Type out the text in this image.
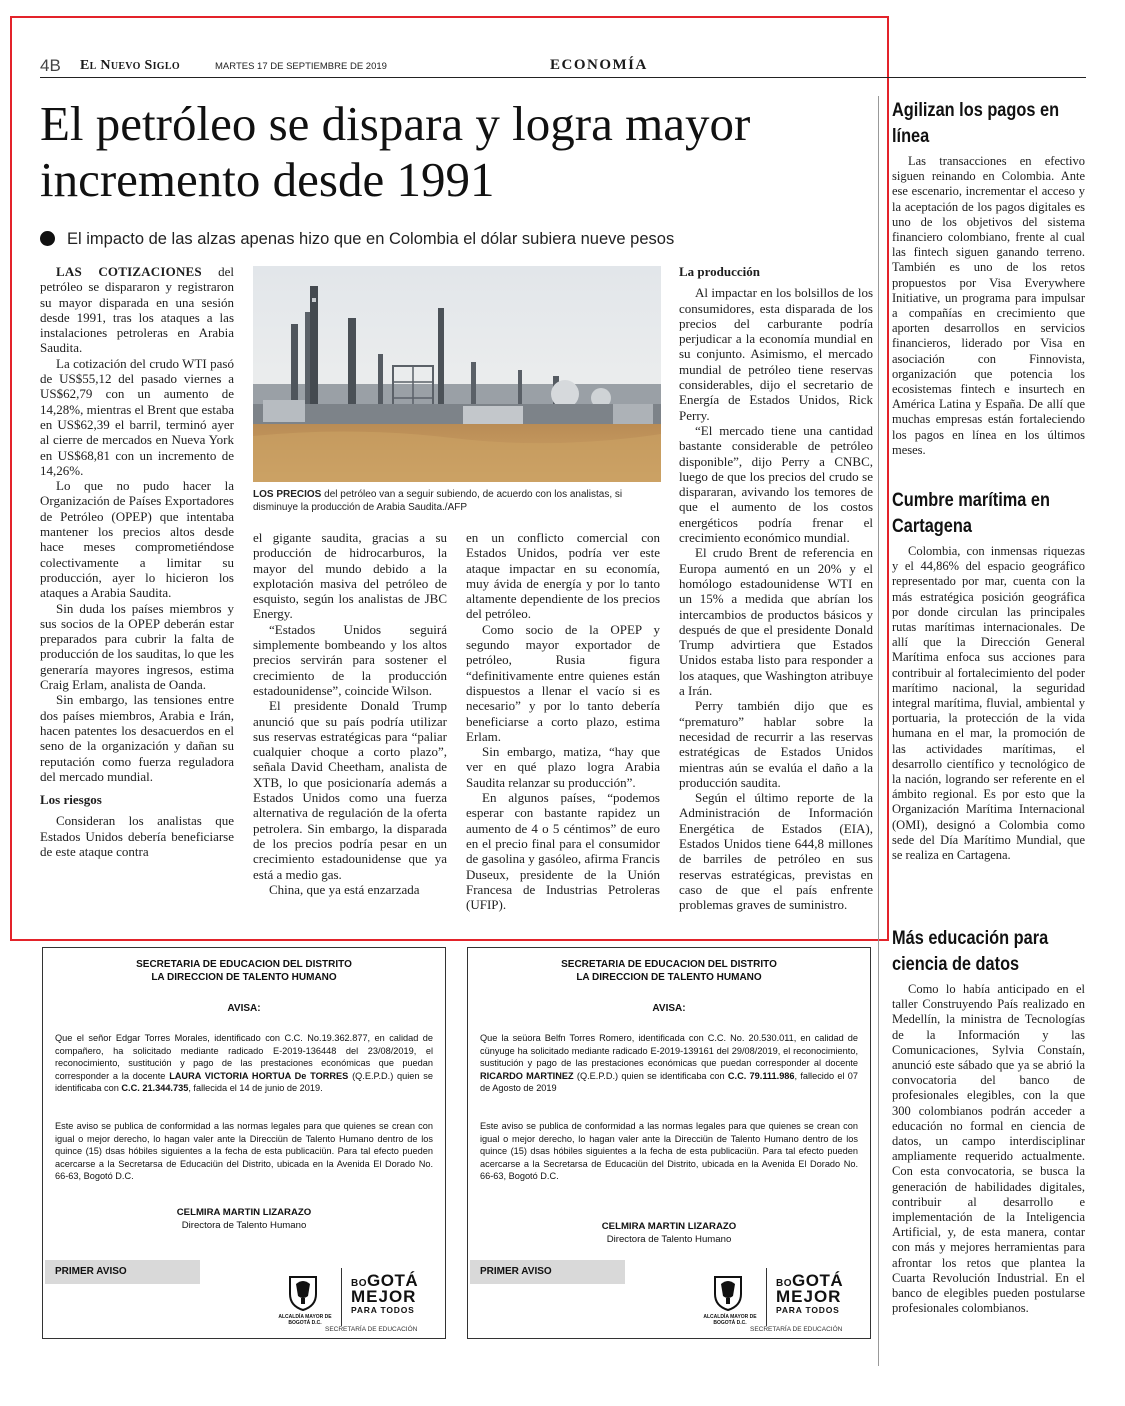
4B El Nuevo Siglo	MARTES 17 DE SEPTIEMBRE DE 2019	ECONOMÍA
El petróleo se dispara y logra mayor incremento desde 1991
El impacto de las alzas apenas hizo que en Colombia el dólar subiera nueve pesos

LAS COTIZACIONES del petróleo se dispararon y registraron su mayor disparada en una sesión desde 1991, tras los ataques a las instalaciones petroleras en Arabia Saudita.

La cotización del crudo WTI pasó de US$55,12 del pasado viernes a US$62,79 con un aumento de 14,28%, mientras el Brent que estaba en US$62,39 el barril, terminó ayer al cierre de mercados en Nueva York en US$68,81 con un incremento de 14,26%.

Lo que no pudo hacer la Organización de Países Exportadores de Petróleo (OPEP) que intentaba mantener los precios altos desde hace meses comprometiéndose colectivamente a limitar su producción, ayer lo hicieron los ataques a Arabia Saudita.

Sin duda los países miembros y sus socios de la OPEP deberán estar preparados para cubrir la falta de producción de los sauditas, lo que les generaría mayores ingresos, estima Craig Erlam, analista de Oanda.

Sin embargo, las tensiones entre dos países miembros, Arabia e Irán, hacen patentes los desacuerdos en el seno de la organización y dañan su reputación como fuerza reguladora del mercado mundial.

Los riesgos

Consideran los analistas que Estados Unidos debería beneficiarse de este ataque contra

LOS PRECIOS del petróleo van a seguir subiendo, de acuerdo con los analistas, si disminuye la producción de Arabia Saudita./AFP

el gigante saudita, gracias a su producción de hidrocarburos, la mayor del mundo debido a la explotación masiva del petróleo de esquisto, según los analistas de JBC Energy.

“Estados Unidos seguirá simplemente bombeando y los altos precios servirán para sostener el crecimiento de la producción estadounidense”, coincide Wilson.

El presidente Donald Trump anunció que su país podría utilizar sus reservas estratégicas para “paliar cualquier choque a corto plazo”, señala David Cheetham, analista de XTB, lo que posicionaría además a Estados Unidos como una fuerza alternativa de regulación de la oferta petrolera. Sin embargo, la disparada de los precios podría pesar en un crecimiento estadounidense que ya está a medio gas.

China, que ya está enzarzada

en un conflicto comercial con Estados Unidos, podría ver este ataque impactar en su economía, muy ávida de energía y por lo tanto altamente dependiente de los precios del petróleo.

Como socio de la OPEP y segundo mayor exportador de petróleo, Rusia figura “definitivamente entre quienes están dispuestos a llenar el vacío si es necesario” y por lo tanto debería beneficiarse a corto plazo, estima Erlam.

Sin embargo, matiza, “hay que ver en qué plazo logra Arabia Saudita relanzar su producción”.

En algunos países, “podemos esperar con bastante rapidez un aumento de 4 o 5 céntimos” de euro en el precio final para el consumidor de gasolina y gasóleo, afirma Francis Duseux, presidente de la Unión Francesa de Industrias Petroleras (UFIP).

La producción

Al impactar en los bolsillos de los consumidores, esta disparada de los precios del carburante podría perjudicar a la economía mundial en su conjunto. Asimismo, el mercado mundial de petróleo tiene reservas considerables, dijo el secretario de Energía de Estados Unidos, Rick Perry.

“El mercado tiene una cantidad bastante considerable de petróleo disponible”, dijo Perry a CNBC, luego de que los precios del crudo se dispararan, avivando los temores de que el aumento de los costos energéticos podría frenar el crecimiento económico mundial.

El crudo Brent de referencia en Europa aumentó en un 20% y el homólogo estadounidense WTI en un 15% a medida que abrían los intercambios de productos básicos y después de que el presidente Donald Trump advirtiera que Estados Unidos estaba listo para responder a los ataques, que Washington atribuye a Irán.

Perry también dijo que es “prematuro” hablar sobre la necesidad de recurrir a las reservas estratégicas de Estados Unidos mientras aún se evalúa el daño a la producción saudita.

Según el último reporte de la Administración de Información Energética de Estados (EIA), Estados Unidos tiene 644,8 millones de barriles de petróleo en sus reservas estratégicas, previstas en caso de que el país enfrente problemas graves de suministro.

Agilizan los pagos en línea

Las transacciones en efectivo siguen reinando en Colombia. Ante ese escenario, incrementar el acceso y la aceptación de los pagos digitales es uno de los objetivos del sistema financiero colombiano, frente al cual las fintech siguen ganando terreno. También es uno de los retos propuestos por Visa Everywhere Initiative, un programa para impulsar a compañías en crecimiento que aporten desarrollos en servicios financieros, liderado por Visa en asociación con Finnovista, organización que potencia los ecosistemas fintech e insurtech en América Latina y España. De allí que muchas empresas están fortaleciendo los pagos en línea en los últimos meses.

Cumbre marítima en Cartagena

Colombia, con inmensas riquezas y el 44,86% del espacio geográfico representado por mar, cuenta con la más estratégica posición geográfica por donde circulan las principales rutas marítimas internacionales. De allí que la Dirección General Marítima enfoca sus acciones para contribuir al fortalecimiento del poder marítimo nacional, la seguridad integral marítima, fluvial, ambiental y portuaria, la protección de la vida humana en el mar, la promoción de las actividades marítimas, el desarrollo científico y tecnológico de la nación, logrando ser referente en el ámbito regional. Es por esto que la Organización Marítima Internacional (OMI), designó a Colombia como sede del Día Marítimo Mundial, que se realiza en Cartagena.

Más educación para ciencia de datos

Como lo había anticipado en el taller Construyendo País realizado en Medellín, la ministra de Tecnologías de la Información y las Comunicaciones, Sylvia Constaín, anunció este sábado que ya se abrió la convocatoria del banco de profesionales elegibles, con la que 300 colombianos podrán acceder a educación no formal en ciencia de datos, un campo interdisciplinar ampliamente requerido actualmente. Con esta convocatoria, se busca la generación de habilidades digitales, contribuir al desarrollo e implementación de la Inteligencia Artificial, y, de esta manera, contar con más y mejores herramientas para afrontar los retos que plantea la Cuarta Revolución Industrial. En el banco de elegibles pueden postularse profesionales colombianos.

SECRETARIA DE EDUCACION DEL DISTRITO
LA DIRECCION DE TALENTO HUMANO
AVISA:
Que el señor Edgar Torres Morales, identificado con C.C. No.19.362.877, en calidad de compañero, ha solicitado mediante radicado E-2019-136448 del 23/08/2019, el reconocimiento, sustitución y pago de las prestaciones económicas que puedan corresponder a la docente LAURA VICTORIA HORTUA De TORRES (Q.E.P.D.) quien se identificaba con C.C. 21.344.735, fallecida el 14 de junio de 2019.
Este aviso se publica de conformidad a las normas legales para que quienes se crean con igual o mejor derecho, lo hagan valer ante la Direcciün de Talento Humano dentro de los quince (15) dsas hóbiles siguientes a la fecha de esta publicaciün. Para tal efecto pueden acercarse a la Secretarsa de Educaciün del Distrito, ubicada en la Avenida El Dorado No. 66-63, Bogotó D.C.
CELMIRA MARTIN LIZARAZO
Directora de Talento Humano
PRIMER AVISO
ALCALDÍA MAYOR DE BOGOTÁ D.C.
BOGOTÁ
MEJOR
PARA TODOS
SECRETARÍA DE EDUCACIÓN
SECRETARIA DE EDUCACION DEL DISTRITO
LA DIRECCION DE TALENTO HUMANO
AVISA:
Que la seüora Belfn Torres Romero, identificada con C.C. No. 20.530.011, en calidad de cünyuge ha solicitado mediante radicado E-2019-139161 del 29/08/2019, el reconocimiento, sustitución y pago de las prestaciones económicas que puedan corresponder al docente RICARDO MARTINEZ (Q.E.P.D.) quien se identificaba con C.C. 79.111.986, fallecido el 07 de Agosto de 2019
Este aviso se publica de conformidad a las normas legales para que quienes se crean con igual o mejor derecho, lo hagan valer ante la Direcciün de Talento Humano dentro de los quince (15) dsas hóbiles siguientes a la fecha de esta publicaciün. Para tal efecto pueden acercarse a la Secretarsa de Educaciün del Distrito, ubicada en la Avenida El Dorado No. 66-63, Bogotó D.C.
CELMIRA MARTIN LIZARAZO
Directora de Talento Humano
PRIMER AVISO
ALCALDÍA MAYOR DE BOGOTÁ D.C.
BOGOTÁ
MEJOR
PARA TODOS
SECRETARÍA DE EDUCACIÓN
